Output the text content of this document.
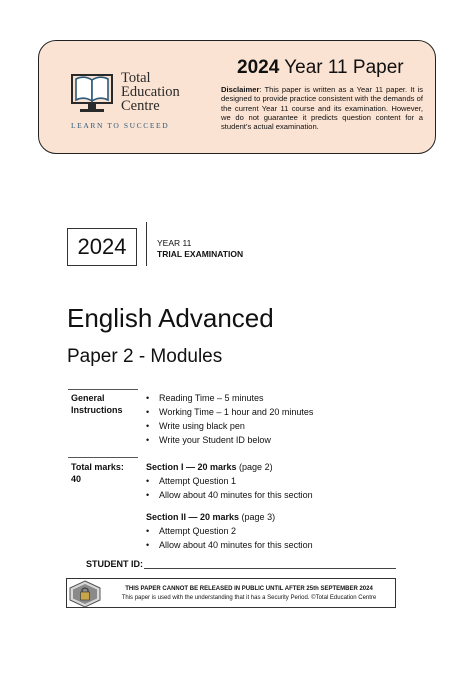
Total
Education
Centre
LEARN TO SUCCEED
2024 Year 11 Paper
Disclaimer: This paper is written as a Year 11 paper. It is designed to provide practice consistent with the demands of the current Year 11 course and its examination. However, we do not guarantee it predicts question content for a student’s actual examination.
2024	YEAR 11
TRIAL EXAMINATION
English Advanced
Paper 2 - Modules
General
Instructions
• Reading Time – 5 minutes
• Working Time – 1 hour and 20 minutes
• Write using black pen
• Write your Student ID below
Total marks:
40
Section I — 20 marks (page 2)
• Attempt Question 1
• Allow about 40 minutes for this section
Section II — 20 marks (page 3)
• Attempt Question 2
• Allow about 40 minutes for this section
STUDENT ID:
THIS PAPER CANNOT BE RELEASED IN PUBLIC UNTIL AFTER 25th SEPTEMBER 2024
This paper is used with the understanding that it has a Security Period. ©Total Education Centre
